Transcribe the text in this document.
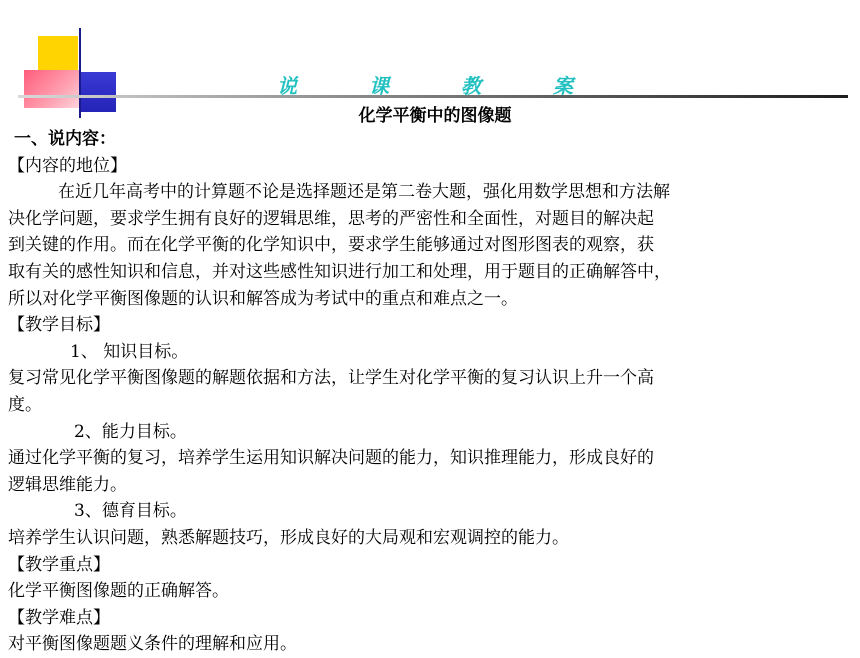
说　课　教　案
化学平衡中的图像题
一、说内容：
【内容的地位】
在近几年高考中的计算题不论是选择题还是第二卷大题，强化用数学思想和方法解
决化学问题，要求学生拥有良好的逻辑思维，思考的严密性和全面性，对题目的解决起
到关键的作用。而在化学平衡的化学知识中，要求学生能够通过对图形图表的观察，获
取有关的感性知识和信息，并对这些感性知识进行加工和处理，用于题目的正确解答中，
所以对化学平衡图像题的认识和解答成为考试中的重点和难点之一。
【教学目标】
1、 知识目标。
复习常见化学平衡图像题的解题依据和方法，让学生对化学平衡的复习认识上升一个高
度。
2、能力目标。
通过化学平衡的复习，培养学生运用知识解决问题的能力，知识推理能力，形成良好的
逻辑思维能力。
3、德育目标。
培养学生认识问题，熟悉解题技巧，形成良好的大局观和宏观调控的能力。
【教学重点】
化学平衡图像题的正确解答。
【教学难点】
对平衡图像题题义条件的理解和应用。
